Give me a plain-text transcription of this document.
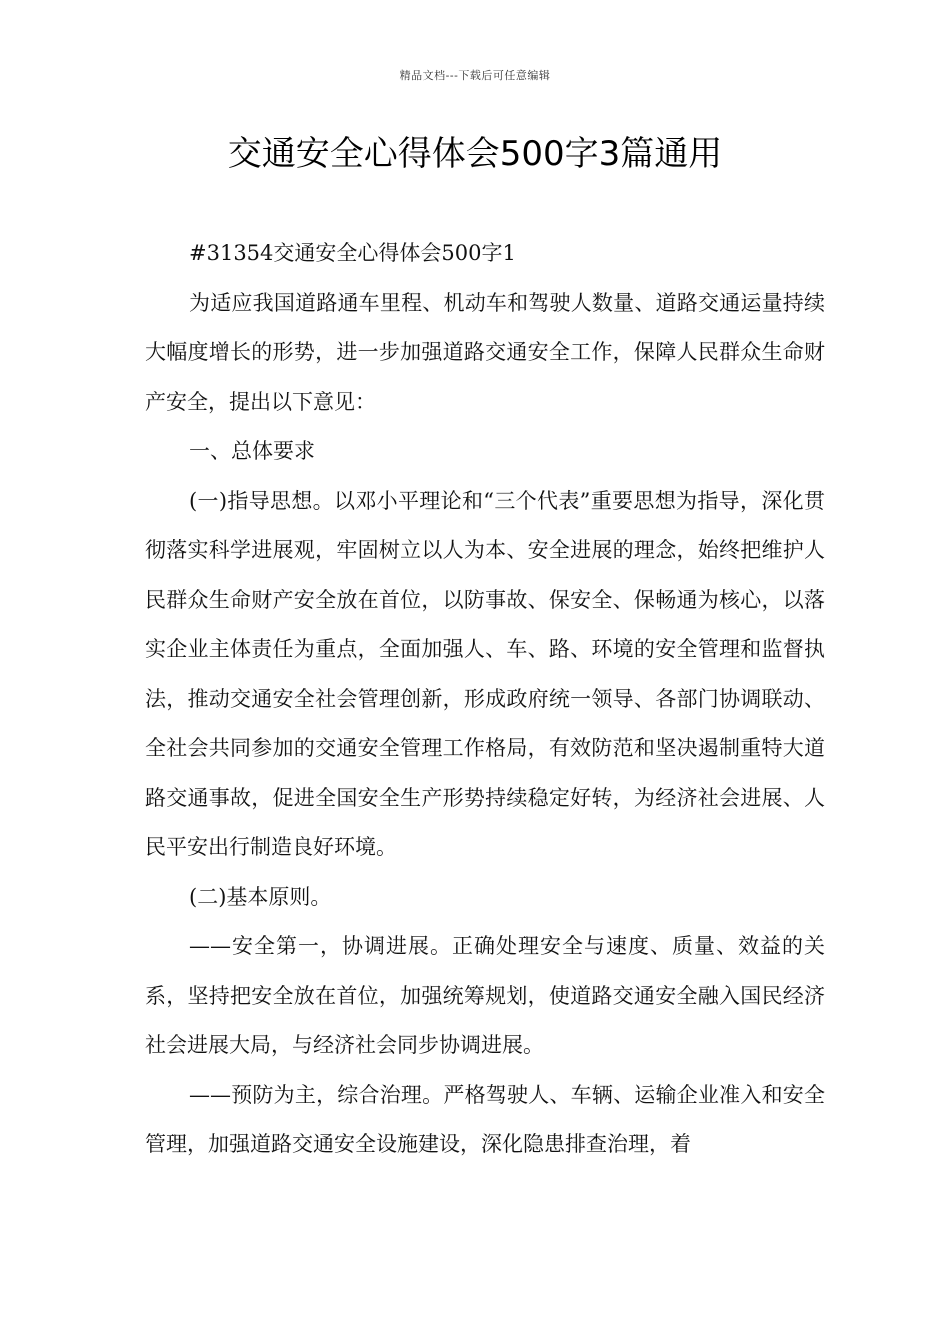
精品文档---下载后可任意编辑
交通安全心得体会500字3篇通用

#31354交通安全心得体会500字1

为适应我国道路通车里程、机动车和驾驶人数量、道路交通运量持续大幅度增长的形势，进一步加强道路交通安全工作，保障人民群众生命财产安全，提出以下意见：

一、总体要求

(一)指导思想。以邓小平理论和“三个代表”重要思想为指导，深化贯彻落实科学进展观，牢固树立以人为本、安全进展的理念，始终把维护人民群众生命财产安全放在首位，以防事故、保安全、保畅通为核心，以落实企业主体责任为重点，全面加强人、车、路、环境的安全管理和监督执法，推动交通安全社会管理创新，形成政府统一领导、各部门协调联动、全社会共同参加的交通安全管理工作格局，有效防范和坚决遏制重特大道路交通事故，促进全国安全生产形势持续稳定好转，为经济社会进展、人民平安出行制造良好环境。

(二)基本原则。

——安全第一，协调进展。正确处理安全与速度、质量、效益的关系，坚持把安全放在首位，加强统筹规划，使道路交通安全融入国民经济社会进展大局，与经济社会同步协调进展。

——预防为主，综合治理。严格驾驶人、车辆、运输企业准入和安全管理，加强道路交通安全设施建设，深化隐患排查治理，着
